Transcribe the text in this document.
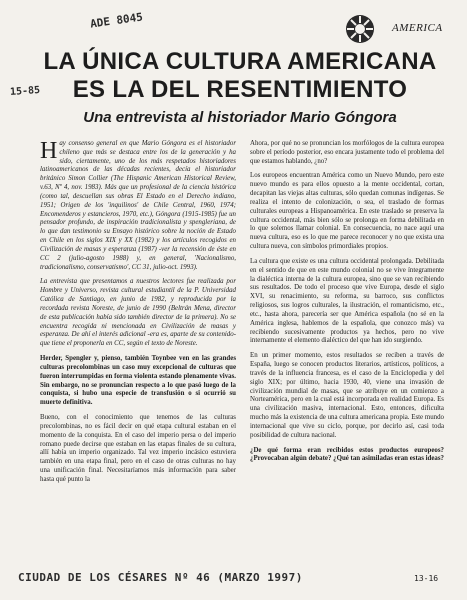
AMERICA
ADE 8045
15-85
LA ÚNICA CULTURA AMERICANA
ES LA DEL RESENTIMIENTO
Una entrevista al historiador Mario Góngora

Hay consenso general en que Mario Góngora es el historiador chileno que más se destaca entre los de la generación y ha sido, ciertamente, uno de los más respetados historiadores latinoamericanos de las décadas recientes, decía el historiador británico Simon Collier (The Hispanic American Historical Review, v.63, Nº 4, nov. 1983). Más que un profesional de la ciencia histórica (como tal, descuellan sus obras El Estado en el Derecho indiano, 1951; Origen de los 'inquilinos' de Chile Central, 1960, 1974; Encomenderos y estancieros, 1970, etc.), Góngora (1915-1985) fue un pensador profundo, de inspiración tradicionalista y spengleriana, de lo que dan testimonio su Ensayo histórico sobre la noción de Estado en Chile en los siglos XIX y XX (1982) y los artículos recogidos en Civilización de masas y esperanza (1987) -ver la recensión de éste en CC 2 (julio-agosto 1988) y, en general, 'Nacionalismo, tradicionalismo, conservatismo', CC 31, julio-oct. 1993).

La entrevista que presentamos a nuestros lectores fue realizada por Hombre y Universo, revista cultural estudiantil de la P. Universidad Católica de Santiago, en junio de 1982, y reproducida por la recordada revista Noreste, de junio de 1990 (Beltrán Mena, director de esta publicación había sido también director de la primera). No se encuentra recogida ni mencionada en Civilización de masas y esperanza. De ahí el interés adicional -era es, aparte de su contenido- que tiene el proponerla en CC, según el texto de Noreste.

Herder, Spengler y, pienso, también Toynbee ven en las grandes culturas precolombinas un caso muy excepcional de culturas que fueron interrumpidas en forma violenta estando plenamente vivas. Sin embargo, no se pronuncian respecto a lo que pasó luego de la conquista, si hubo una especie de transfusión o si ocurrió su muerte definitiva.

Bueno, con el conocimiento que tenemos de las culturas precolombinas, no es fácil decir en qué etapa cultural estaban en el momento de la conquista. En el caso del imperio persa o del imperio romano puede decirse que estaban en las etapas finales de su cultura, allí había un imperio organizado. Tal vez imperio incásico estuviera también en una etapa final, pero en el caso de otras culturas no hay una unificación final. Necesitaríamos más información para saber hasta qué punto la

Ahora, por qué no se pronuncian los morfólogos de la cultura europea sobre el período posterior, eso encara justamente todo el problema del que estamos hablando, ¿no?

Los europeos encuentran América como un Nuevo Mundo, pero este nuevo mundo es para ellos opuesto a la mente occidental, cortan, decapitan las viejas altas culturas, sólo quedan comunas indígenas. Se realiza el intento de colonización, o sea, el traslado de formas culturales europeas a Hispanoamérica. En este traslado se preserva la cultura occidental, más bien sólo se prolonga en forma debilitada en lo que solemos llamar colonial. En consecuencia, no nace aquí una nueva cultura, eso es lo que me parece reconocer y no que exista una cultura nueva, con símbolos primordiales propios.

La cultura que existe es una cultura occidental prolongada. Debilitada en el sentido de que en este mundo colonial no se vive íntegramente la dialéctica interna de la cultura europea, sino que se van recibiendo sus resultados. De todo el proceso que vive Europa, desde el siglo XVI, su renacimiento, su reforma, su barroco, sus conflictos religiosos, sus logros culturales, la ilustración, el romanticismo, etc., etc., hasta ahora, parecería ser que América española (no sé en la América inglesa, hablemos de la española, que conozco más) va recibiendo sucesivamente productos ya hechos, pero no vive internamente el elemento dialéctico del que han ido surgiendo.

En un primer momento, estos resultados se reciben a través de España, luego se conocen productos literarios, artísticos, políticos, a través de la influencia francesa, es el caso de la Enciclopedia y del siglo XIX; por último, hacia 1930, 40, viene una invasión de civilización mundial de masas, que se atribuye en un comienzo a Norteamérica, pero en la cual está incorporada en realidad Europa. Es una civilización masiva, internacional. Esto, entonces, dificulta mucho más la existencia de una cultura americana propia. Este mundo internacional que vive su ciclo, porque, por decirlo así, casi toda posibilidad de cultura nacional.

¿De qué forma eran recibidos estos productos europeos? ¿Provocaban algún debate? ¿Qué tan asimiladas eran estas ideas?

CIUDAD DE LOS CÉSARES Nº 46 (MARZO 1997)	13-16
